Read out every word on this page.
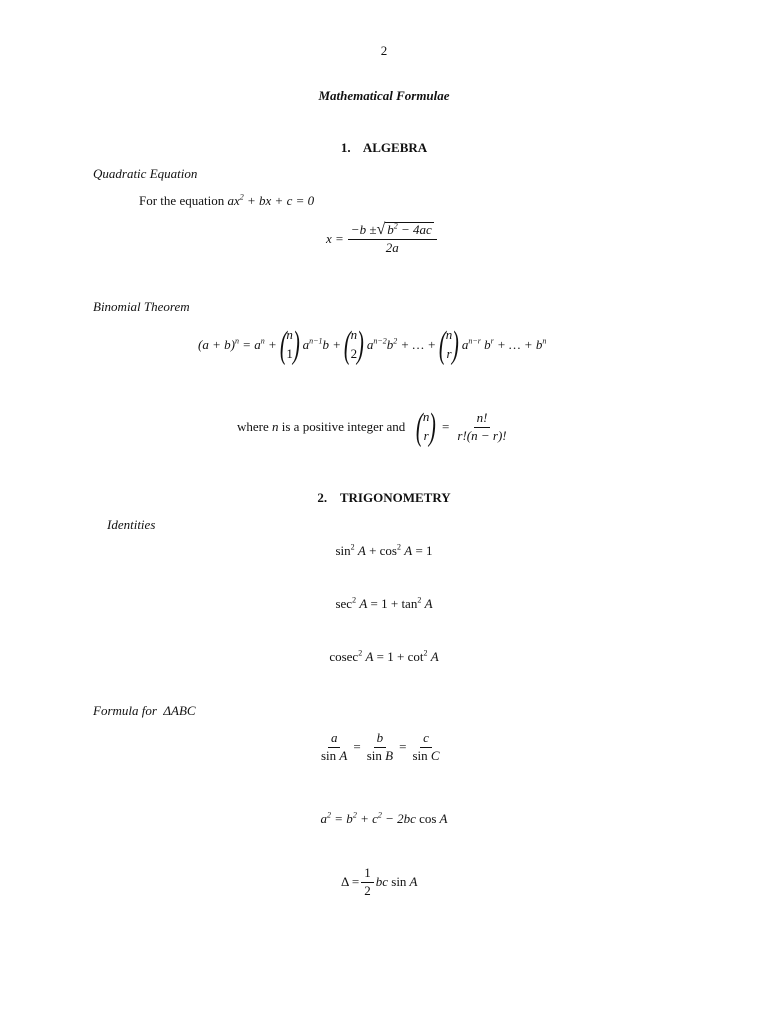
2
Mathematical Formulae
1.    ALGEBRA
Quadratic Equation
For the equation $ax^2$ + bx + c = 0
$x = \frac{-b \pm √ b^2 - 4ac}{2a}$
Binomial Theorem
$(a + b)^n = a^n$ + ( n
1 ) $a^{n-1}b$ + ( n
2 ) $a^{n-2}b^2$ + … + ( n
r ) $a^{n-r}$ $b^r$ + … + $b^n$
where
n
is a positive integer and ( n
r ) = $\frac{n!}{r!(n - r)!}$
2.    TRIGONOMETRY
Identities
$\sin^2 A + \cos^2 A = 1$
$\sec^2 A = 1 + \tan^2 A$
cosec$^2$ $A = 1 + \cot^2 A$
Formula for ΔABC
$\frac{a}{\text{sin A}} = \frac{b}{\text{sin B}} = \frac{c}{\text{sin C}}$
$a^2 = b^2 + c^2 - 2bc$ cos A
$\Delta = \frac{1}{2}$ bc sin A
